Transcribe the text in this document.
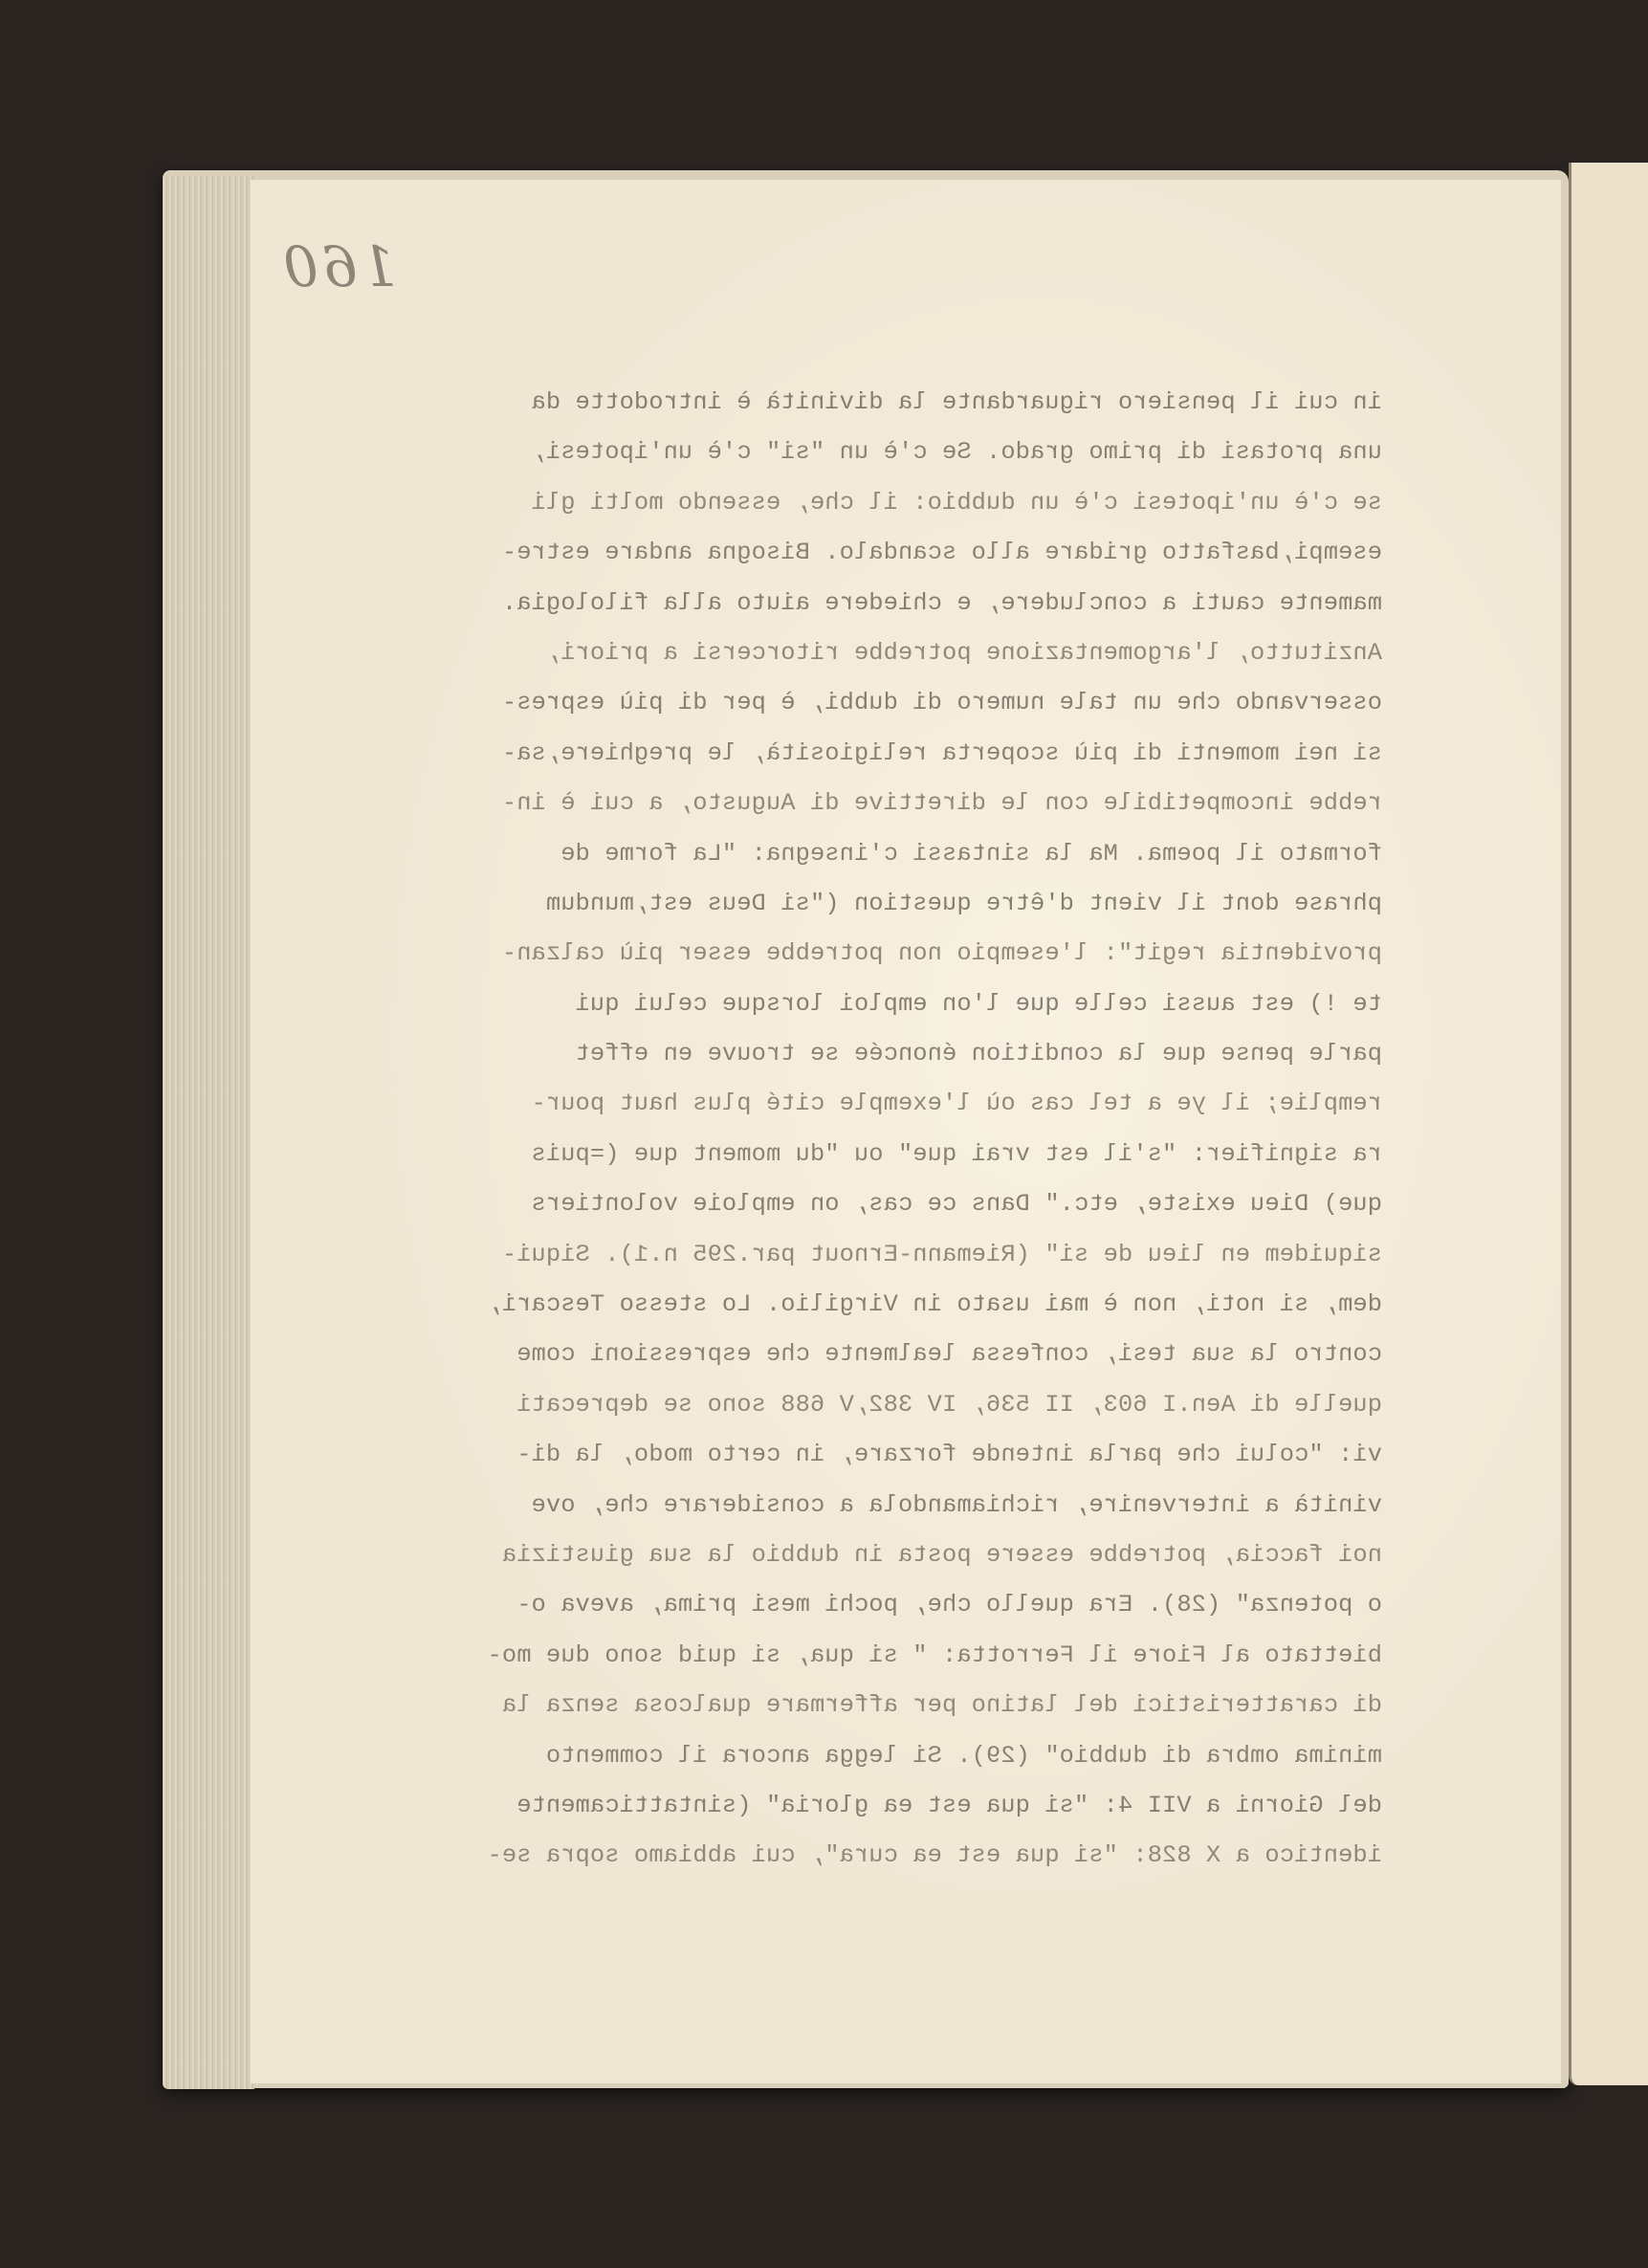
160
in cui il pensiero riguardante la divinità è introdotte da
una protasi di primo grado. Se c'è un "si" c'è un'ipotesi,
se c'è un'ipotesi c'è un dubbio: il che, essendo molti gli
esempi,basfatto gridare allo scandalo. Bisogna andare estre-
mamente cauti a concludere, e chiedere aiuto alla filologia.
Anzitutto, l'argomentazione potrebbe ritorcersi a priori,
osservando che un tale numero di dubbi, è per di più espres-
si nei momenti di più scoperta religiosità, le preghiere,sa-
rebbe incompetibile con le direttive di Augusto, a cui è in-
formato il poema. Ma la sintassi c'insegna: "La forme de
phrase dont il vient d'être question ("si Deus est,mundum
providentia regit": l'esempio non potrebbe esser più calzan-
te !) est aussi celle que l'on emploi lorsque celui qui
parle pense que la condition énoncée se trouve en effet
remplie; il ye a tel cas où l'exemple cité plus haut pour-
ra signifier: "s'il est vrai que" ou "du moment que (=puis
que) Dieu existe, etc." Dans ce cas, on emploie volontiers
siquidem en lieu de si" (Riemann-Ernout par.295 n.1). Siqui-
dem, si noti, non è mai usato in Virgilio. Lo stesso Tescari,
contro la sua tesi, confessa lealmente che espressioni come
quelle di Aen.I 603, II 536, IV 382,V 688 sono se deprecati
vi: "colui che parla intende forzare, in certo modo, la di-
vinità a intervenire, richiamandola a considerare che, ove
noi faccia, potrebbe essere posta in dubbio la sua giustizia
o potenza" (28). Era quello che, pochi mesi prima, aveva o-
biettato al Fiore il Ferrotta: " si qua, si quid sono due mo-
di caratteristici del latino per affermare qualcosa senza la
minima ombra di dubbio" (29). Si legga ancora il commento
del Giorni a VII 4: "si qua est ea gloria" (sintatticamente
identico a X 828: "si qua est ea cura", cui abbiamo sopra se-
